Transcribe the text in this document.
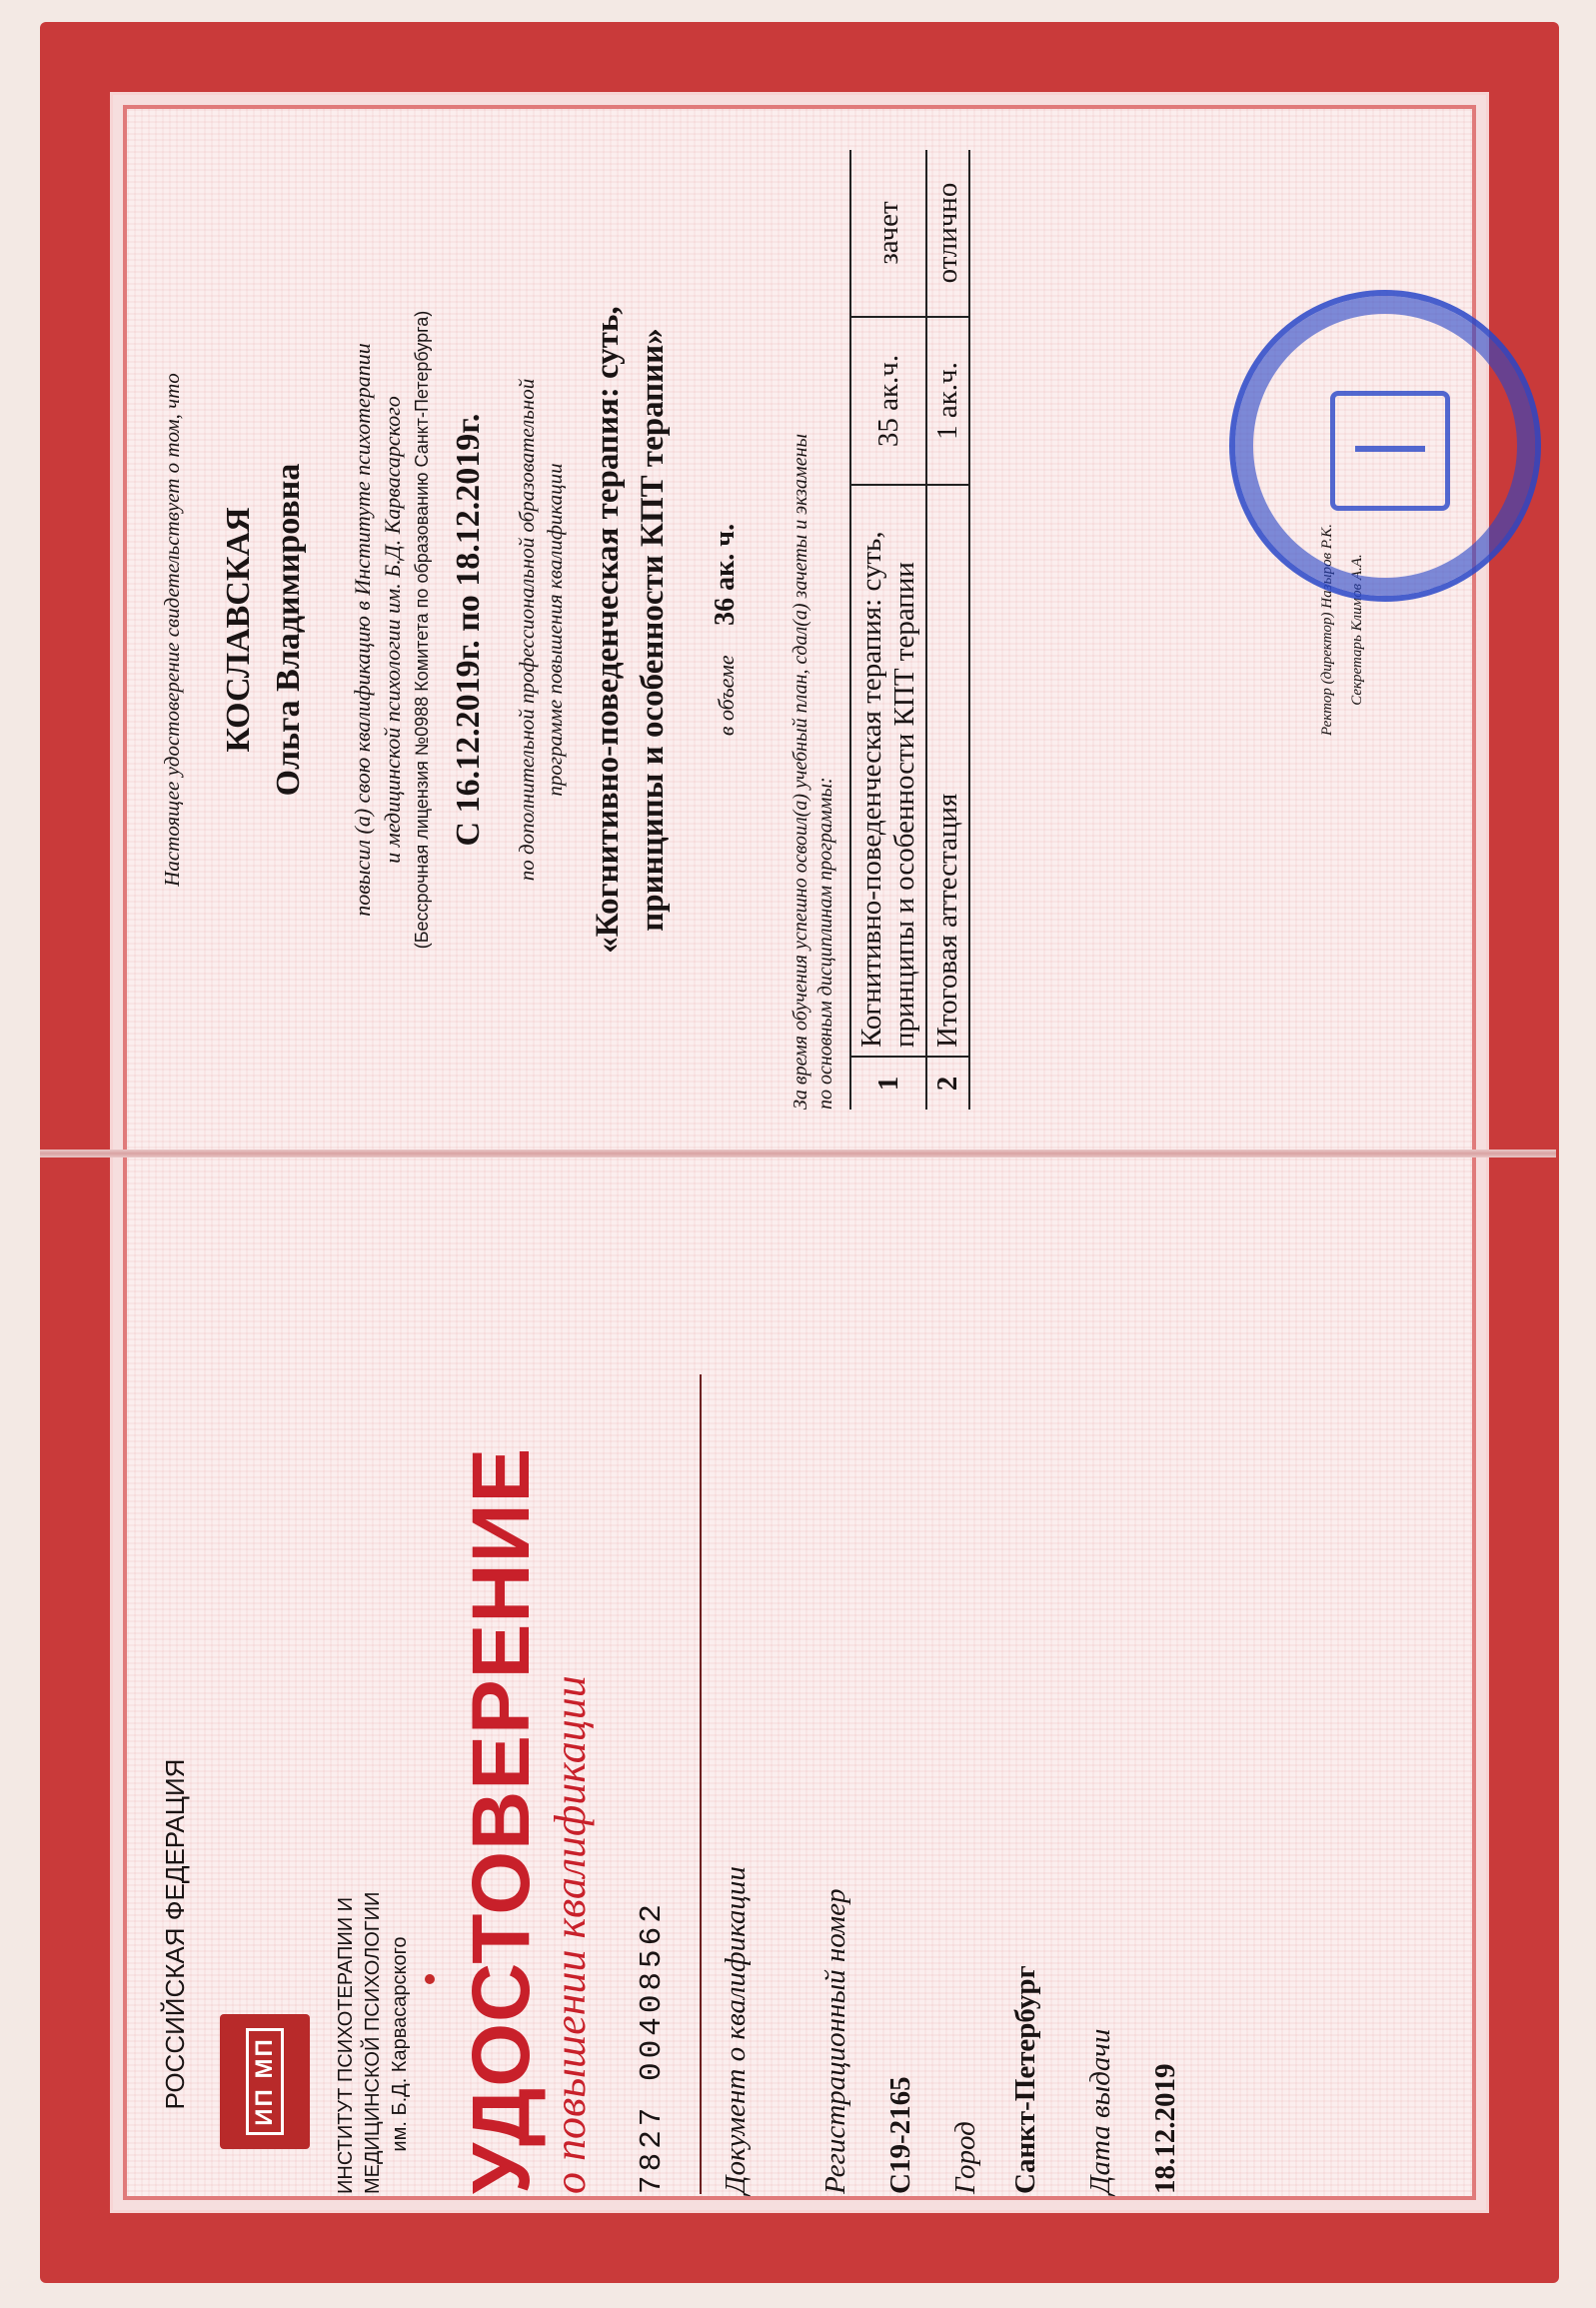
Настоящее удостоверение свидетельствует о том, что КОСЛАВСКАЯ Ольга Владимировна повысил (а) свою квалификацию в Институте психотерапии и медицинской психологии им. Б.Д. Карвасарского (Бессрочная лицензия №0988 Комитета по образованию Санкт-Петербурга) С 16.12.2019г. по 18.12.2019г. по дополнительной профессиональной образовательной программе повышения квалификации «Когнитивно-поведенческая терапия: суть, принципы и особенности КПТ терапии» в объеме 36 ак. ч. За время обучения успешно освоил(а) учебный план, сдал(а) зачеты и экзамены по основным дисциплинам программы: 1	Когнитивно-поведенческая терапия: суть, принципы и особенности КПТ терапии	35 ак.ч.	зачет
2	Итоговая аттестация	1 ак.ч.	отлично
Ректор (директор) Назыров Р.К. Секретарь Климов А.А.
РОССИЙСКАЯ ФЕДЕРАЦИЯ	ИП МП	ИНСТИТУТ ПСИХОТЕРАПИИ И МЕДИЦИНСКОЙ ПСИХОЛОГИИ им. Б.Д. Карвасарского УДОСТОВЕРЕНИЕ о повышении квалификации 7827 00408562 Документ о квалификации Регистрационный номер С19-2165 Город Санкт-Петербург Дата выдачи 18.12.2019
